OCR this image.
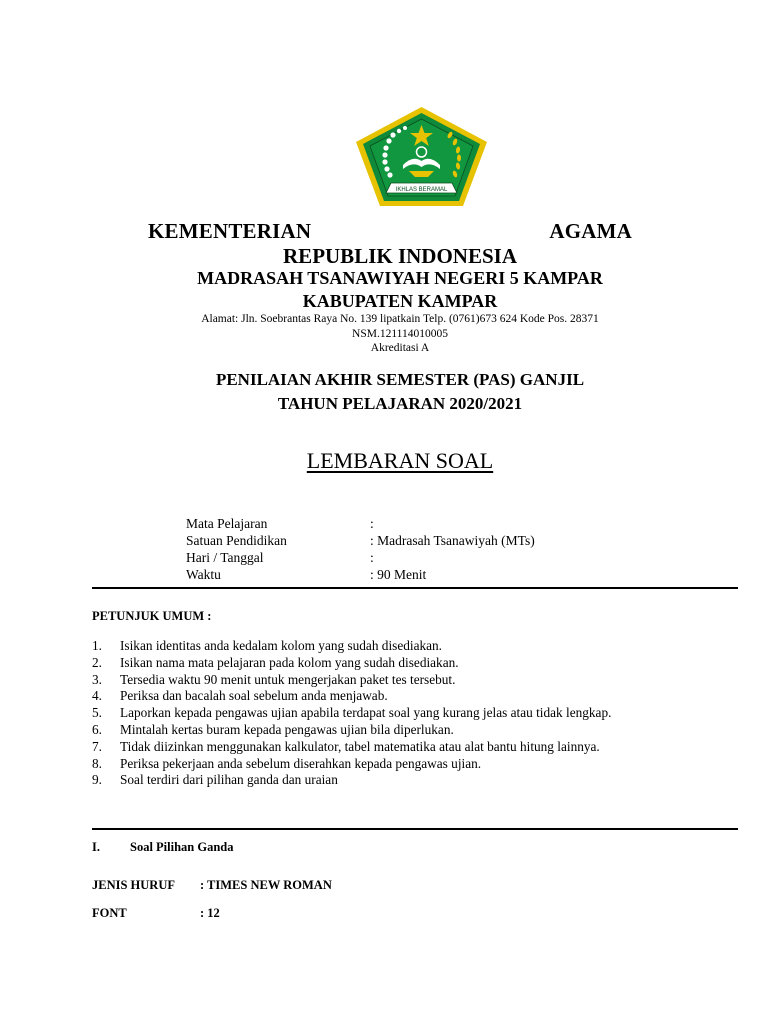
IKHLAS BERAMAL
KEMENTERIAN	AGAMA
REPUBLIK INDONESIA
MADRASAH TSANAWIYAH NEGERI 5 KAMPAR
KABUPATEN KAMPAR
Alamat: Jln. Soebrantas Raya No. 139 lipatkain Telp. (0761)673 624 Kode Pos. 28371
NSM.121114010005
Akreditasi A
PENILAIAN AKHIR SEMESTER (PAS) GANJIL
TAHUN PELAJARAN 2020/2021
LEMBARAN SOAL
Mata Pelajaran	:
Satuan Pendidikan	: Madrasah Tsanawiyah (MTs)
Hari / Tanggal	:
Waktu	: 90 Menit
PETUNJUK UMUM :
1. Isikan identitas anda kedalam kolom yang sudah disediakan.
2. Isikan nama mata pelajaran pada kolom yang sudah disediakan.
3. Tersedia waktu 90 menit untuk mengerjakan paket tes tersebut.
4. Periksa dan bacalah soal sebelum anda menjawab.
5. Laporkan kepada pengawas ujian apabila terdapat soal yang kurang jelas atau tidak lengkap.
6. Mintalah kertas buram kepada pengawas ujian bila diperlukan.
7. Tidak diizinkan menggunakan kalkulator, tabel matematika atau alat bantu hitung lainnya.
8. Periksa pekerjaan anda sebelum diserahkan kepada pengawas ujian.
9. Soal terdiri dari pilihan ganda dan uraian
I. Soal Pilihan Ganda
JENIS HURUF : TIMES NEW ROMAN
FONT	: 12
